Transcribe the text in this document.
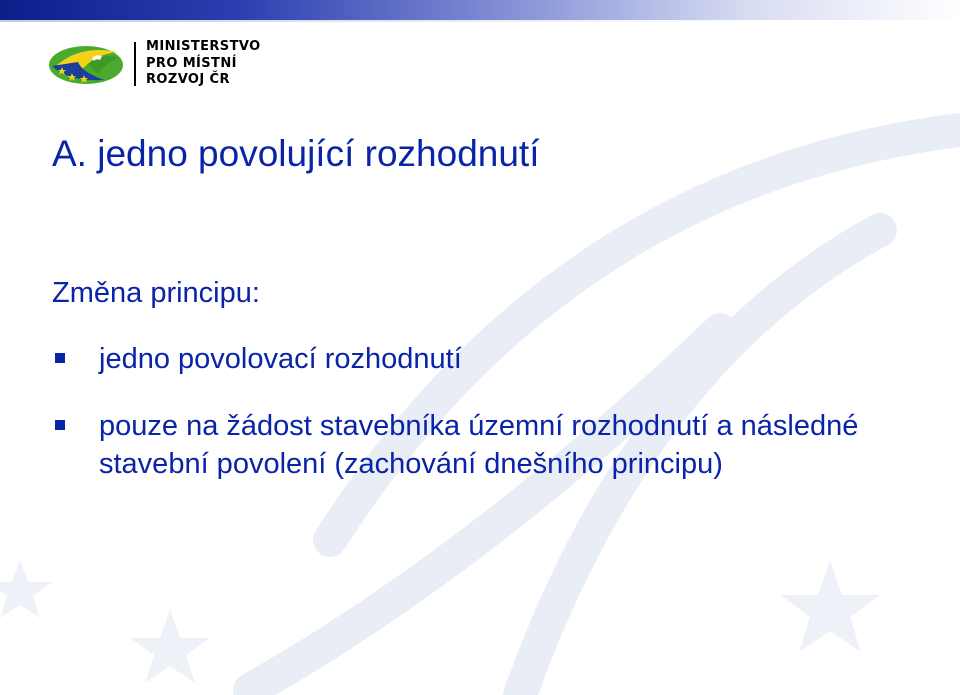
MINISTERSTVO
PRO MÍSTNÍ
ROZVOJ ČR
A. jedno povolující rozhodnutí
Změna principu:
jedno povolovací rozhodnutí
pouze na žádost stavebníka územní rozhodnutí a následné stavební povolení (zachování dnešního principu)
